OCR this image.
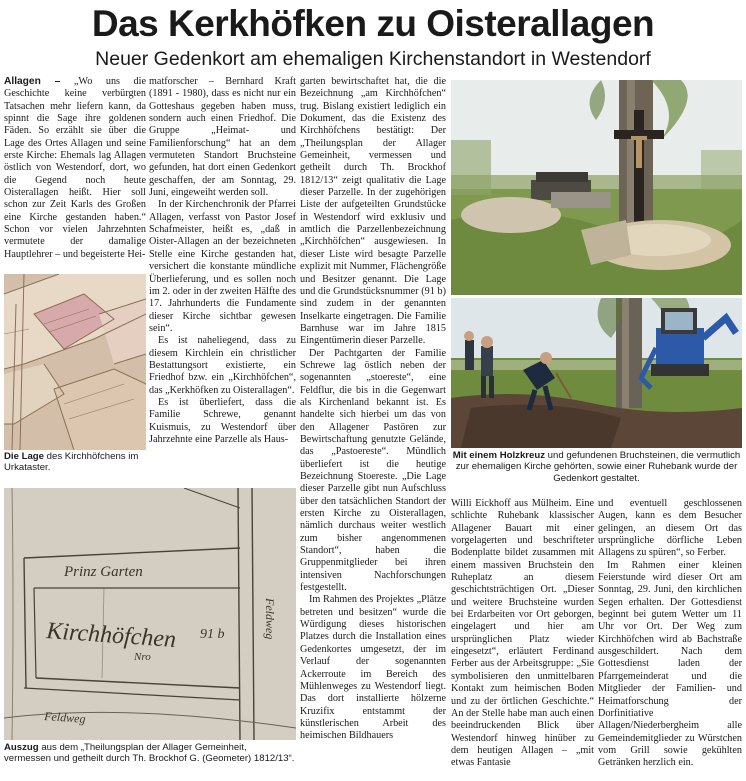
Das Kerkhöfken zu Oisterallagen
Neuer Gedenkort am ehemaligen Kirchenstandort in Westendorf

Allagen – „Wo uns die Geschichte keine verbürgten Tatsachen mehr liefern kann, da spinnt die Sage ihre goldenen Fäden. So erzählt sie über die Lage des Ortes Allagen und seine erste Kirche: Ehemals lag Allagen östlich von Westendorf, dort, wo die Gegend noch heute Oisterallagen heißt. Hier soll schon zur Zeit Karls des Großen eine Kirche gestanden haben.“ Schon vor vielen Jahrzehnten vermutete der damalige Hauptlehrer – und begeisterte Hei-

Die Lage des Kirchhöfchens im Urkataster.

matforscher – Bernhard Kraft (1891 - 1980), dass es nicht nur ein Gotteshaus gegeben haben muss, sondern auch einen Friedhof. Die Gruppe „Heimat- und Familienforschung“ hat an dem vermuteten Standort Bruchsteine gefunden, hat dort einen Gedenkort geschaffen, der am Sonntag, 29. Juni, eingeweiht werden soll.

In der Kirchenchronik der Pfarrei Allagen, verfasst von Pastor Josef Schafmeister, heißt es, „daß in Oister-Allagen an der bezeichneten Stelle eine Kirche gestanden hat, versichert die konstante mündliche Überlieferung, und es sollen noch im 2. oder in der zweiten Hälfte des 17. Jahrhunderts die Fundamente dieser Kirche sichtbar gewesen sein“.

Es ist naheliegend, dass zu diesem Kirchlein ein christlicher Bestattungsort existierte, ein Friedhof bzw. ein „Kirchhöfchen“, das „Kerkhöfken zu Oisterallagen“.

Es ist überliefert, dass die Familie Schrewe, genannt Kuismuis, zu Westendorf über Jahrzehnte eine Parzelle als Haus-

garten bewirtschaftet hat, die die Bezeichnung „am Kirchhöfchen“ trug. Bislang existiert lediglich ein Dokument, das die Existenz des Kirchhöfchens bestätigt: Der „Theilungsplan der Allager Gemeinheit, vermessen und getheilt durch Th. Brockhof 1812/13“ zeigt qualitativ die Lage dieser Parzelle. In der zugehörigen Liste der aufgeteilten Grundstücke in Westendorf wird exklusiv und amtlich die Parzellenbezeichnung „Kirchhöfchen“ ausgewiesen. In dieser Liste wird besagte Parzelle explizit mit Nummer, Flächengröße und Besitzer genannt. Die Lage und die Grundstücksnummer (91 b) sind zudem in der genannten Inselkarte eingetragen. Die Familie Barnhuse war im Jahre 1815 Eingentümerin dieser Parzelle.

Der Pachtgarten der Familie Schrewe lag östlich neben der sogenannten „stoereste“, eine Feldflur, die bis in die Gegenwart als Kirchenland bekannt ist. Es handelte sich hierbei um das von den Allagener Pastören zur Bewirtschaftung genutzte Gelände, das „Pastoereste“. Mündlich überliefert ist die heutige Bezeichnung Stoereste. „Die Lage dieser Parzelle gibt nun Aufschluss über den tatsächlichen Standort der ersten Kirche zu Oisterallagen, nämlich durchaus weiter westlich zum bisher angenommenen Standort“, haben die Gruppenmitglieder bei ihren intensiven Nachforschungen festgestellt.

Im Rahmen des Projektes „Plätze betreten und besitzen“ wurde die Würdigung dieses historischen Platzes durch die Installation eines Gedenkortes umgesetzt, der im Verlauf der sogenannten Ackerroute im Bereich des Mühlenweges zu Westendorf liegt. Das dort installierte hölzerne Kruzifix entstammt der künstlerischen Arbeit des heimischen Bildhauers

Mit einem Holzkreuz und gefundenen Bruchsteinen, die vermutlich zur ehemaligen Kirche gehörten, sowie einer Ruhebank wurde der Gedenkort gestaltet.
Prinz Garten
Kirchhöfchen 91 b
Nro
Feldweg
Feldweg
Auszug aus dem „Theilungsplan der Allager Gemeinheit, vermessen und getheilt durch Th. Brockhof G. (Geometer) 1812/13“.

Willi Eickhoff aus Mülheim. Eine schlichte Ruhebank klassischer Allagener Bauart mit einer vorgelagerten und beschrifteter Bodenplatte bildet zusammen mit einem massiven Bruchstein den Ruheplatz an diesem geschichtsträchtigen Ort. „Dieser und weitere Bruchsteine wurden bei Erdarbeiten vor Ort geborgen, eingelagert und hier am ursprünglichen Platz wieder eingesetzt“, erläutert Ferdinand Ferber aus der Arbeitsgruppe: „Sie symbolisieren den unmittelbaren Kontakt zum heimischen Boden und zu der örtlichen Geschichte.“ An der Stelle habe man auch einen beeindruckenden Blick über Westendorf hinweg hinüber zu dem heutigen Allagen – „mit etwas Fantasie

und eventuell geschlossenen Augen, kann es dem Besucher gelingen, an diesem Ort das ursprüngliche dörfliche Leben Allagens zu spüren“, so Ferber.

Im Rahmen einer kleinen Feierstunde wird dieser Ort am Sonntag, 29. Juni, den kirchlichen Segen erhalten. Der Gottesdienst beginnt bei gutem Wetter um 11 Uhr vor Ort. Der Weg zum Kirchhöfchen wird ab Bachstraße ausgeschildert. Nach dem Gottesdienst laden der Pfarrgemeinderat und die Mitglieder der Familien- und Heimatforschung der Dorfinitiative Allagen/Niederbergheim alle Gemeindemitglieder zu Würstchen vom Grill sowie gekühlten Getränken herzlich ein.
